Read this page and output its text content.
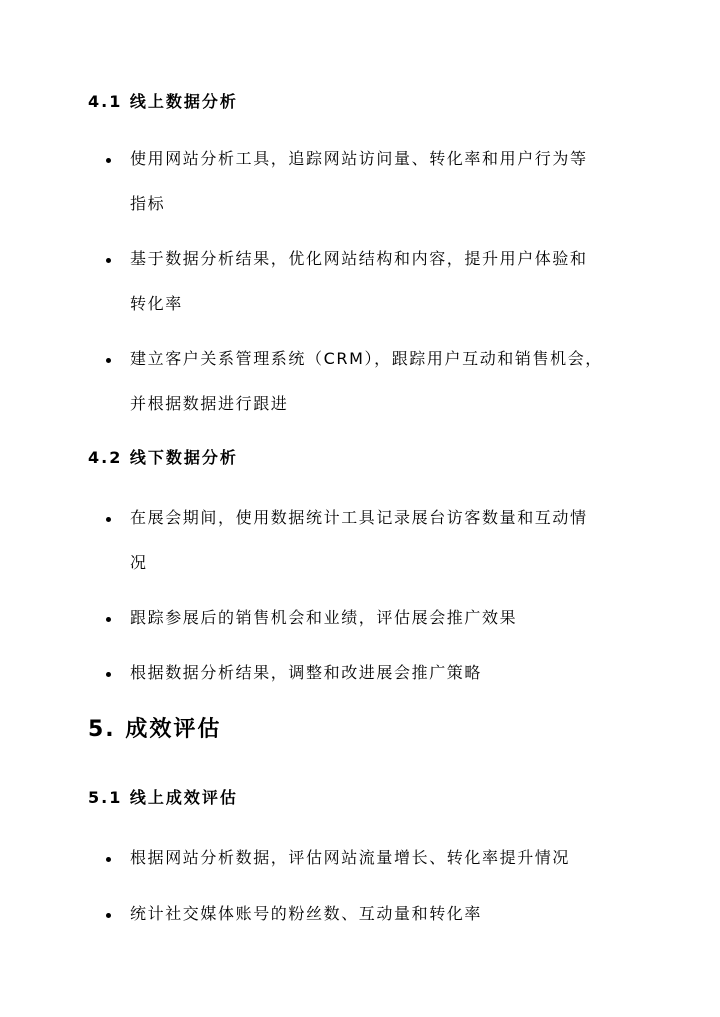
4.1 线上数据分析
使用网站分析工具，追踪网站访问量、转化率和用户行为等
指标
基于数据分析结果，优化网站结构和内容，提升用户体验和
转化率
建立客户关系管理系统（CRM），跟踪用户互动和销售机会，
并根据数据进行跟进
4.2 线下数据分析
在展会期间，使用数据统计工具记录展台访客数量和互动情
况
跟踪参展后的销售机会和业绩，评估展会推广效果
根据数据分析结果，调整和改进展会推广策略
5. 成效评估
5.1 线上成效评估
根据网站分析数据，评估网站流量增长、转化率提升情况
统计社交媒体账号的粉丝数、互动量和转化率
